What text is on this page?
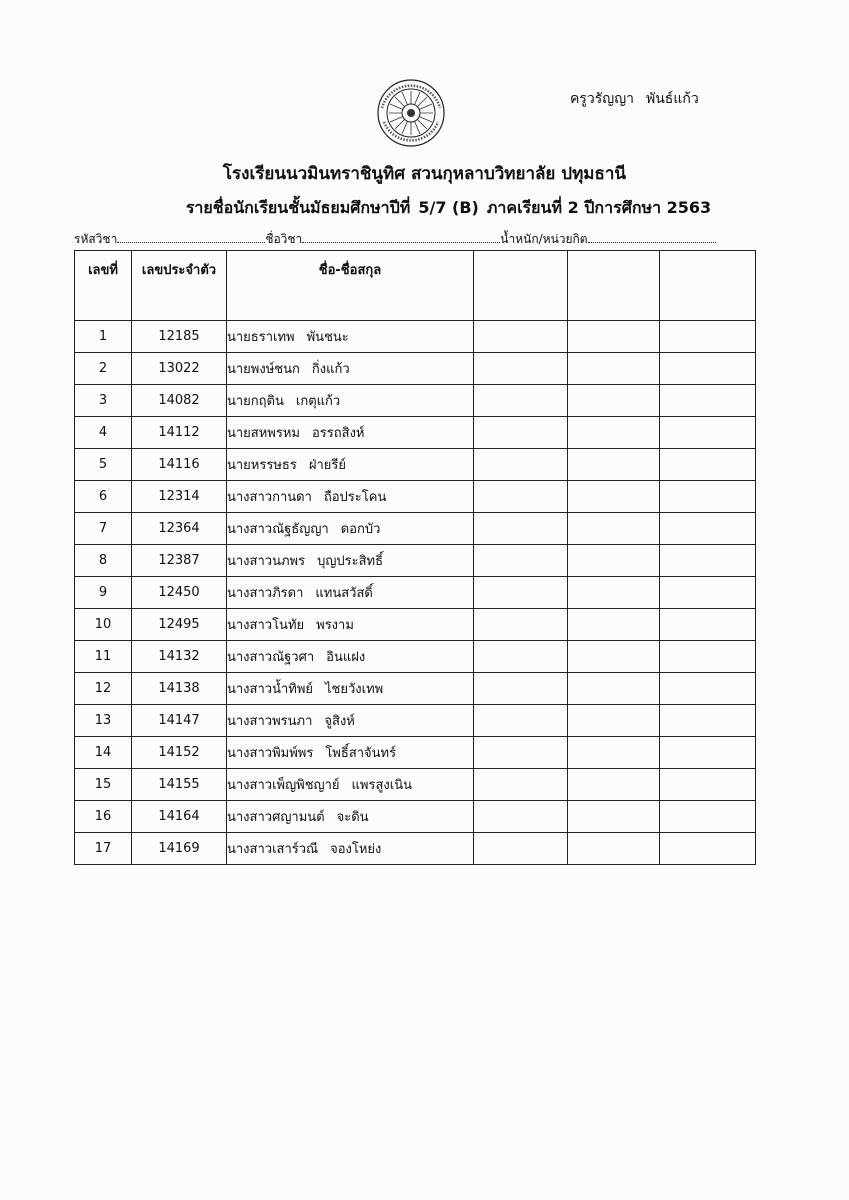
ครูวรัญญา พันธ์แก้ว
โรงเรียนนวมินทราชินูทิศ สวนกุหลาบวิทยาลัย ปทุมธานี
รายชื่อนักเรียนชั้นมัธยมศึกษาปีที่ 5/7 (B) ภาคเรียนที่ 2 ปีการศึกษา 2563
รหัสวิชา	ชื่อวิชา	น้ำหนัก/หน่วยกิต
เลขที่	เลขประจำตัว	ชื่อ-ชื่อสกุล			
1	12185	นายธราเทพ พันชนะ			
2	13022	นายพงษ์ชนก กิ่งแก้ว			
3	14082	นายกฤติน เกตุแก้ว			
4	14112	นายสหพรหม อรรถสิงห์			
5	14116	นายหรรษธร ฝ่ายรีย์			
6	12314	นางสาวกานดา ถือประโคน			
7	12364	นางสาวณัฐธัญญา ดอกบัว			
8	12387	นางสาวนภพร บุญประสิทธิ์			
9	12450	นางสาวภิรดา แทนสวัสดิ์			
10	12495	นางสาวโนทัย พรงาม			
11	14132	นางสาวณัฐวศา อินแฝง			
12	14138	นางสาวน้ำทิพย์ ไชยวังเทพ			
13	14147	นางสาวพรนภา จูสิงห์			
14	14152	นางสาวพิมพ์พร โพธิ์สาจันทร์			
15	14155	นางสาวเพ็ญพิชญาย์ แพรสูงเนิน			
16	14164	นางสาวศญามนต์ จะดิน			
17	14169	นางสาวเสาร์วณี จองโหย่ง			
